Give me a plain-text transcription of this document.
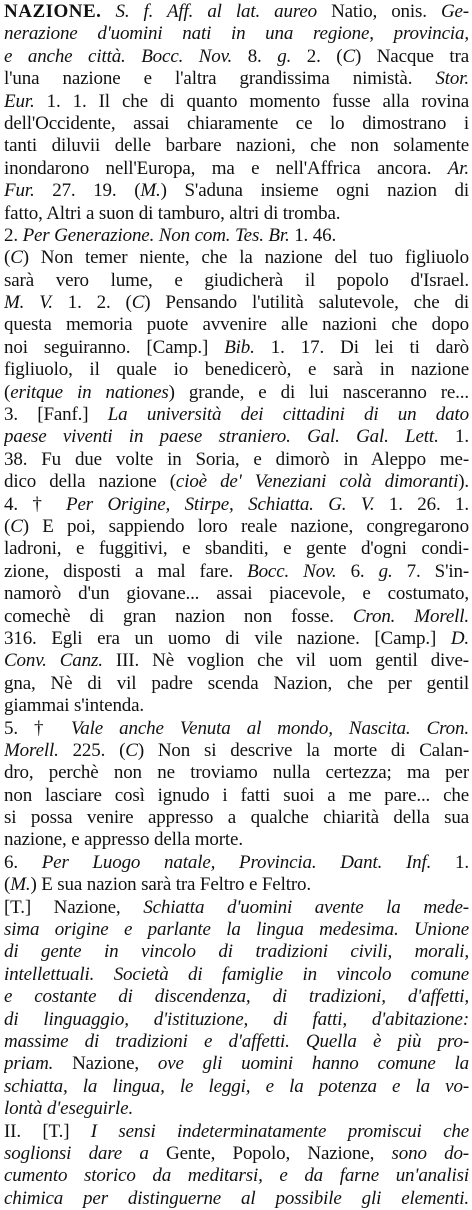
NAZIONE. S. f. Aff. al lat. aureo Natio, onis. Ge-
nerazione d'uomini nati in una regione, provincia,
e anche città. Bocc. Nov. 8. g. 2. (C) Nacque tra
l'una nazione e l'altra grandissima nimistà. Stor.
Eur. 1. 1. Il che di quanto momento fusse alla rovina
dell'Occidente, assai chiaramente ce lo dimostrano i
tanti diluvii delle barbare nazioni, che non solamente
inondarono nell'Europa, ma e nell'Affrica ancora. Ar.
Fur. 27. 19. (M.) S'aduna insieme ogni nazion di
fatto, Altri a suon di tamburo, altri di tromba.
2. Per Generazione. Non com. Tes. Br. 1. 46.
(C) Non temer niente, che la nazione del tuo figliuolo
sarà vero lume, e giudicherà il popolo d'Israel.
M. V. 1. 2. (C) Pensando l'utilità salutevole, che di
questa memoria puote avvenire alle nazioni che dopo
noi seguiranno. [Camp.] Bib. 1. 17. Di lei ti darò
figliuolo, il quale io benedicerò, e sarà in nazione
(eritque in nationes) grande, e di lui nasceranno re...
3. [Fanf.] La università dei cittadini di un dato
paese viventi in paese straniero. Gal. Gal. Lett. 1.
38. Fu due volte in Soria, e dimorò in Aleppo me-
dico della nazione (cioè de' Veneziani colà dimoranti).
4. † Per Origine, Stirpe, Schiatta. G. V. 1. 26. 1.
(C) E poi, sappiendo loro reale nazione, congregarono
ladroni, e fuggitivi, e sbanditi, e gente d'ogni condi-
zione, disposti a mal fare. Bocc. Nov. 6. g. 7. S'in-
namorò d'un giovane... assai piacevole, e costumato,
comechè di gran nazion non fosse. Cron. Morell.
316. Egli era un uomo di vile nazione. [Camp.] D.
Conv. Canz. III. Nè voglion che vil uom gentil dive-
gna, Nè di vil padre scenda Nazion, che per gentil
giammai s'intenda.
5. † Vale anche Venuta al mondo, Nascita. Cron.
Morell. 225. (C) Non si descrive la morte di Calan-
dro, perchè non ne troviamo nulla certezza; ma per
non lasciare così ignudo i fatti suoi a me pare... che
si possa venire appresso a qualche chiarità della sua
nazione, e appresso della morte.
6. Per Luogo natale, Provincia. Dant. Inf. 1.
(M.) E sua nazion sarà tra Feltro e Feltro.
[T.] Nazione, Schiatta d'uomini avente la mede-
sima origine e parlante la lingua medesima. Unione
di gente in vincolo di tradizioni civili, morali,
intellettuali. Società di famiglie in vincolo comune
e costante di discendenza, di tradizioni, d'affetti,
di linguaggio, d'istituzione, di fatti, d'abitazione:
massime di tradizioni e d'affetti. Quella è più pro-
priam. Nazione, ove gli uomini hanno comune la
schiatta, la lingua, le leggi, e la potenza e la vo-
lontà d'eseguirle.
II. [T.] I sensi indeterminatamente promiscui che
soglionsi dare a Gente, Popolo, Nazione, sono do-
cumento storico da meditarsi, e da farne un'analisi
chimica per distinguerne al possibile gli elementi.
